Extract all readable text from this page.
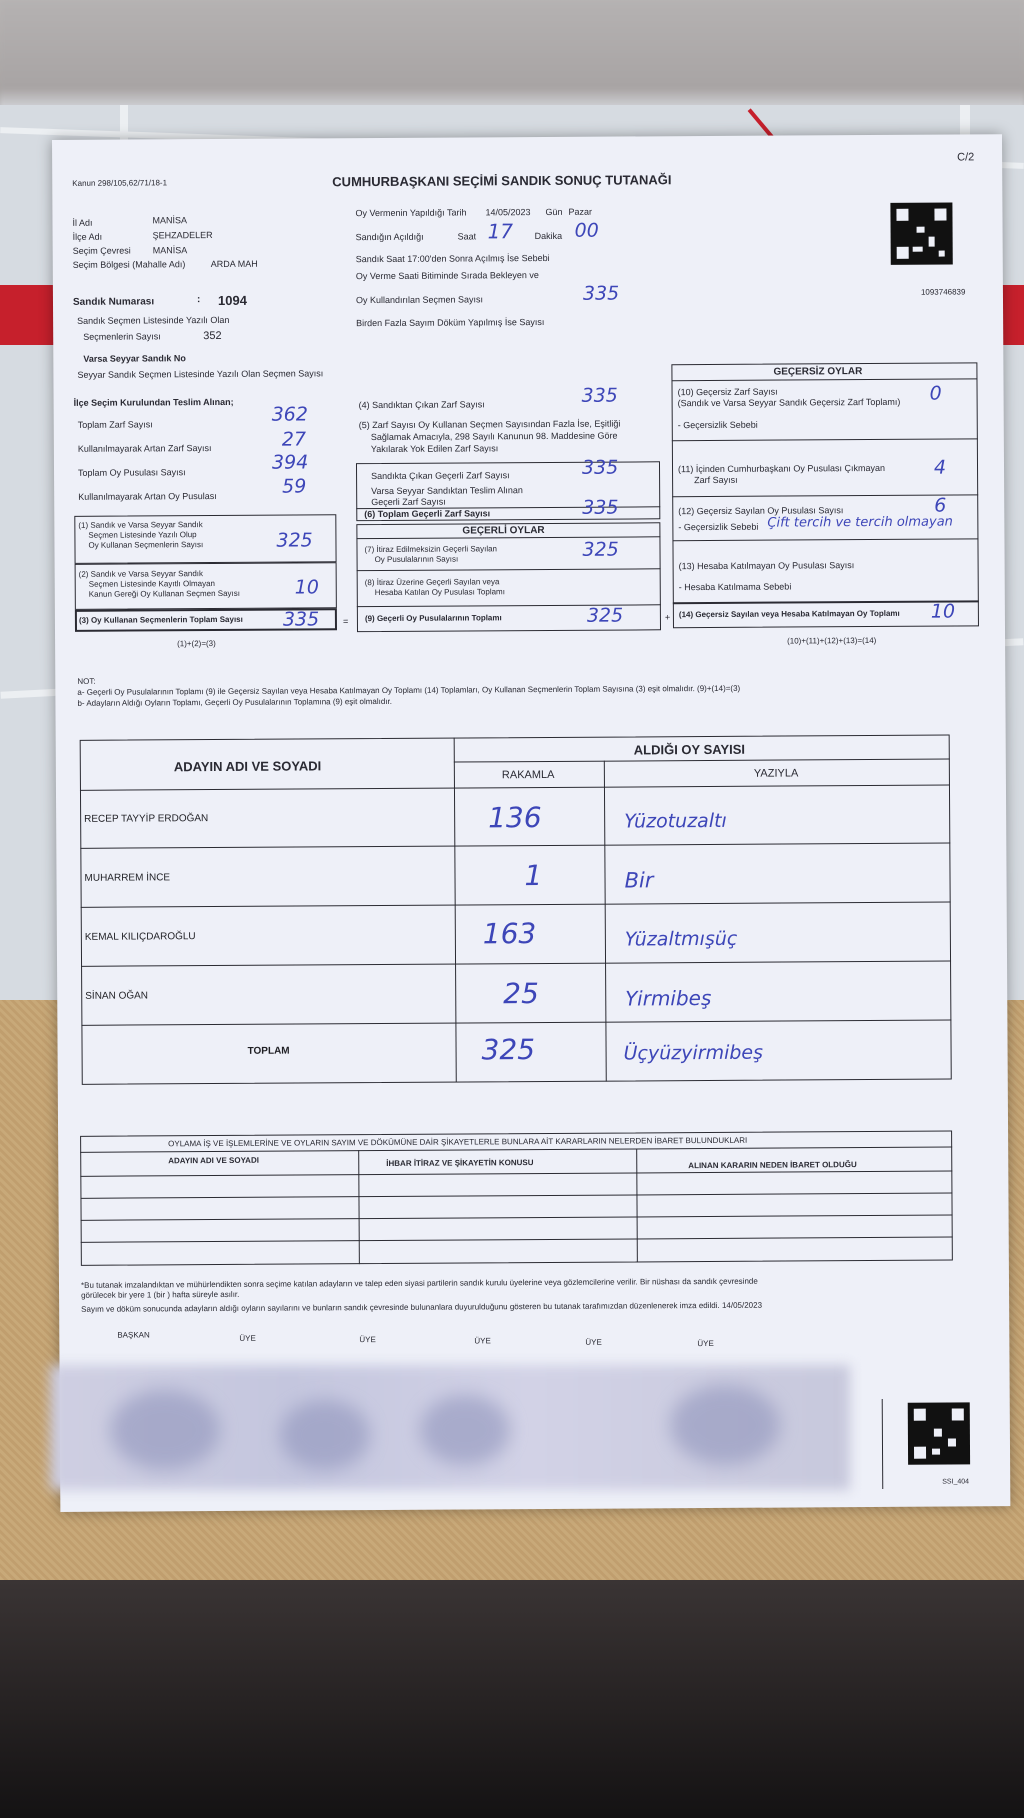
Kanun 298/105,62/71/18-1
C/2
CUMHURBAŞKANI SEÇİMİ SANDIK SONUÇ TUTANAĞI
1093746839
İl Adı	MANİSA
İlçe Adı	ŞEHZADELER
Seçim Çevresi MANİSA
Seçim Bölgesi (Mahalle Adı)	ARDA MAH
Oy Vermenin Yapıldığı Tarih 14/05/2023 Gün Pazar
Sandığın Açıldığı	Saat 17 Dakika 00
Sandık Saat 17:00'den Sonra Açılmış İse Sebebi
Oy Verme Saati Bitiminde Sırada Bekleyen ve
Oy Kullandırılan Seçmen Sayısı	335
Birden Fazla Sayım Döküm Yapılmış İse Sayısı
Sandık Numarası	: 1094
Sandık Seçmen Listesinde Yazılı Olan
Seçmenlerin Sayısı	352
Varsa Seyyar Sandık No
Seyyar Sandık Seçmen Listesinde Yazılı Olan Seçmen Sayısı
İlçe Seçim Kurulundan Teslim Alınan;
Toplam Zarf Sayısı	362
Kullanılmayarak Artan Zarf Sayısı	27
Toplam Oy Pusulası Sayısı	394
Kullanılmayarak Artan Oy Pusulası	59
(1) Sandık ve Varsa Seyyar Sandık
Seçmen Listesinde Yazılı Olup
Oy Kullanan Seçmenlerin Sayısı	325
(2) Sandık ve Varsa Seyyar Sandık
Seçmen Listesinde Kayıtlı Olmayan
Kanun Gereği Oy Kullanan Seçmen Sayısı	10
(3) Oy Kullanan Seçmenlerin Toplam Sayısı 335
(1)+(2)=(3)
=
(4) Sandıktan Çıkan Zarf Sayısı	335
(5) Zarf Sayısı Oy Kullanan Seçmen Sayısından Fazla İse, Eşitliği
Sağlamak Amacıyla, 298 Sayılı Kanunun 98. Maddesine Göre
Yakılarak Yok Edilen Zarf Sayısı
Sandıkta Çıkan Geçerli Zarf Sayısı	335
Varsa Seyyar Sandıktan Teslim Alınan
Geçerli Zarf Sayısı
(6) Toplam Geçerli Zarf Sayısı	335
GEÇERLİ OYLAR
(7) İtiraz Edilmeksizin Geçerli Sayılan
Oy Pusulalarının Sayısı	325
(8) İtiraz Üzerine Geçerli Sayılan veya
Hesaba Katılan Oy Pusulası Toplamı
(9) Geçerli Oy Pusulalarının Toplamı	325	+
GEÇERSİZ OYLAR
(10) Geçersiz Zarf Sayısı
(Sandık ve Varsa Seyyar Sandık Geçersiz Zarf Toplamı) 0
- Geçersizlik Sebebi
(11) İçinden Cumhurbaşkanı Oy Pusulası Çıkmayan
Zarf Sayısı
4
(12) Geçersiz Sayılan Oy Pusulası Sayısı	6
- Geçersizlik Sebebi Çift tercih ve tercih olmayan
(13) Hesaba Katılmayan Oy Pusulası Sayısı
- Hesaba Katılmama Sebebi
(14) Geçersiz Sayılan veya Hesaba Katılmayan Oy Toplamı 10
(10)+(11)+(12)+(13)=(14)
NOT:
a- Geçerli Oy Pusulalarının Toplamı (9) ile Geçersiz Sayılan veya Hesaba Katılmayan Oy Toplamı (14) Toplamları, Oy Kullanan Seçmenlerin Toplam Sayısına (3) eşit olmalıdır. (9)+(14)=(3)
b- Adayların Aldığı Oyların Toplamı, Geçerli Oy Pusulalarının Toplamına (9) eşit olmalıdır.
ADAYIN ADI VE SOYADI
ALDIĞI OY SAYISI
RAKAMLA	YAZIYLA
RECEP TAYYİP ERDOĞAN	136	Yüzotuzaltı
MUHARREM İNCE	1	Bir
KEMAL KILIÇDAROĞLU	163	Yüzaltmışüç
SİNAN OĞAN	25	Yirmibeş
TOPLAM	325	Üçyüzyirmibeş
OYLAMA İŞ VE İŞLEMLERİNE VE OYLARIN SAYIM VE DÖKÜMÜNE DAİR ŞİKAYETLERLE BUNLARA AİT KARARLARIN NELERDEN İBARET BULUNDUKLARI
ADAYIN ADI VE SOYADI	İHBAR İTİRAZ VE ŞİKAYETİN KONUSU	ALINAN KARARIN NEDEN İBARET OLDUĞU
*Bu tutanak imzalandıktan ve mühürlendikten sonra seçime katılan adayların ve talep eden siyasi partilerin sandık kurulu üyelerine veya gözlemcilerine verilir. Bir nüshası da sandık çevresinde
görülecek bir yere 1 (bir ) hafta süreyle asılır.
Sayım ve döküm sonucunda adayların aldığı oyların sayılarını ve bunların sandık çevresinde bulunanlara duyurulduğunu gösteren bu tutanak tarafımızdan düzenlenerek imza edildi. 14/05/2023
BAŞKAN	ÜYE	ÜYE	ÜYE	ÜYE	ÜYE
SSI_404
